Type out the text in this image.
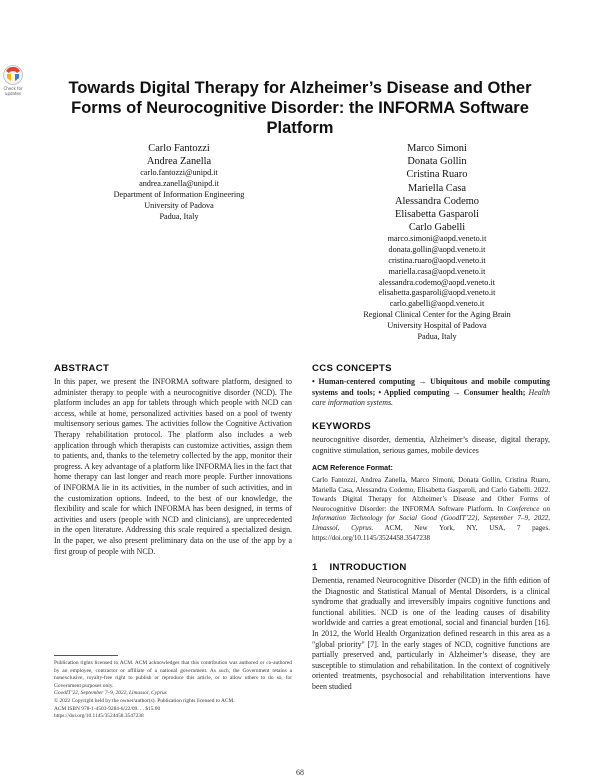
Check for
updates	Towards Digital Therapy for Alzheimer’s Disease and Other Forms of Neurocognitive Disorder: the INFORMA Software Platform
Carlo Fantozzi
Andrea Zanella
carlo.fantozzi@unipd.it
andrea.zanella@unipd.it
Department of Information Engineering
University of Padova
Padua, Italy
Marco Simoni
Donata Gollin
Cristina Ruaro
Mariella Casa
Alessandra Codemo
Elisabetta Gasparoli
Carlo Gabelli
marco.simoni@aopd.veneto.it
donata.gollin@aopd.veneto.it
cristina.ruaro@aopd.veneto.it
mariella.casa@aopd.veneto.it
alessandra.codemo@aopd.veneto.it
elisabetta.gasparoli@aopd.veneto.it
carlo.gabelli@aopd.veneto.it
Regional Clinical Center for the Aging Brain
University Hospital of Padova
Padua, Italy
ABSTRACT

In this paper, we present the INFORMA software platform, designed to administer therapy to people with a neurocognitive disorder (NCD). The platform includes an app for tablets through which people with NCD can access, while at home, personalized activities based on a pool of twenty multisensory serious games. The activities follow the Cognitive Activation Therapy rehabilitation protocol. The platform also includes a web application through which therapists can customize activities, assign them to patients, and, thanks to the telemetry collected by the app, monitor their progress. A key advantage of a platform like INFORMA lies in the fact that home therapy can last longer and reach more people. Further innovations of INFORMA lie in its activities, in the number of such activities, and in the customization options. Indeed, to the best of our knowledge, the flexibility and scale for which INFORMA has been designed, in terms of activities and users (people with NCD and clinicians), are unprecedented in the open literature. Addressing this scale required a specialized design. In the paper, we also present preliminary data on the use of the app by a first group of people with NCD.

CCS CONCEPTS

• Human-centered computing → Ubiquitous and mobile computing systems and tools; • Applied computing → Consumer health; Health care information systems.

KEYWORDS

neurocognitive disorder, dementia, Alzheimer’s disease, digital therapy, cognitive stimulation, serious games, mobile devices

ACM Reference Format:

Carlo Fantozzi, Andrea Zanella, Marco Simoni, Donata Gollin, Cristina Ruaro, Mariella Casa, Alessandra Codemo, Elisabetta Gasparoli, and Carlo Gabelli. 2022. Towards Digital Therapy for Alzheimer’s Disease and Other Forms of Neurocognitive Disorder: the INFORMA Software Platform. In Conference on Information Technology for Social Good (GoodIT’22), September 7–9, 2022, Limassol, Cyprus. ACM, New York, NY, USA, 7 pages. https://doi.org/10.1145/3524458.3547238

1    INTRODUCTION

Dementia, renamed Neurocognitive Disorder (NCD) in the fifth edition of the Diagnostic and Statistical Manual of Mental Disorders, is a clinical syndrome that gradually and irreversibly impairs cognitive functions and functional abilities. NCD is one of the leading causes of disability worldwide and carries a great emotional, social and financial burden [16]. In 2012, the World Health Organization defined research in this area as a "global priority" [7]. In the early stages of NCD, cognitive functions are partially preserved and, particularly in Alzheimer’s disease, they are susceptible to stimulation and rehabilitation. In the context of cognitively oriented treatments, psychosocial and rehabilitation interventions have been studied

Publication rights licensed to ACM. ACM acknowledges that this contribution was authored or co-authored by an employee, contractor or affiliate of a national government. As such, the Government retains a nonexclusive, royalty-free right to publish or reproduce this article, or to allow others to do so, for Government purposes only.
GoodIT’22, September 7–9, 2022, Limassol, Cyprus
© 2022 Copyright held by the owner/author(s). Publication rights licensed to ACM.
ACM ISBN 978-1-4503-9284-6/22/09. . . $15.00
https://doi.org/10.1145/3524458.3547238
68
